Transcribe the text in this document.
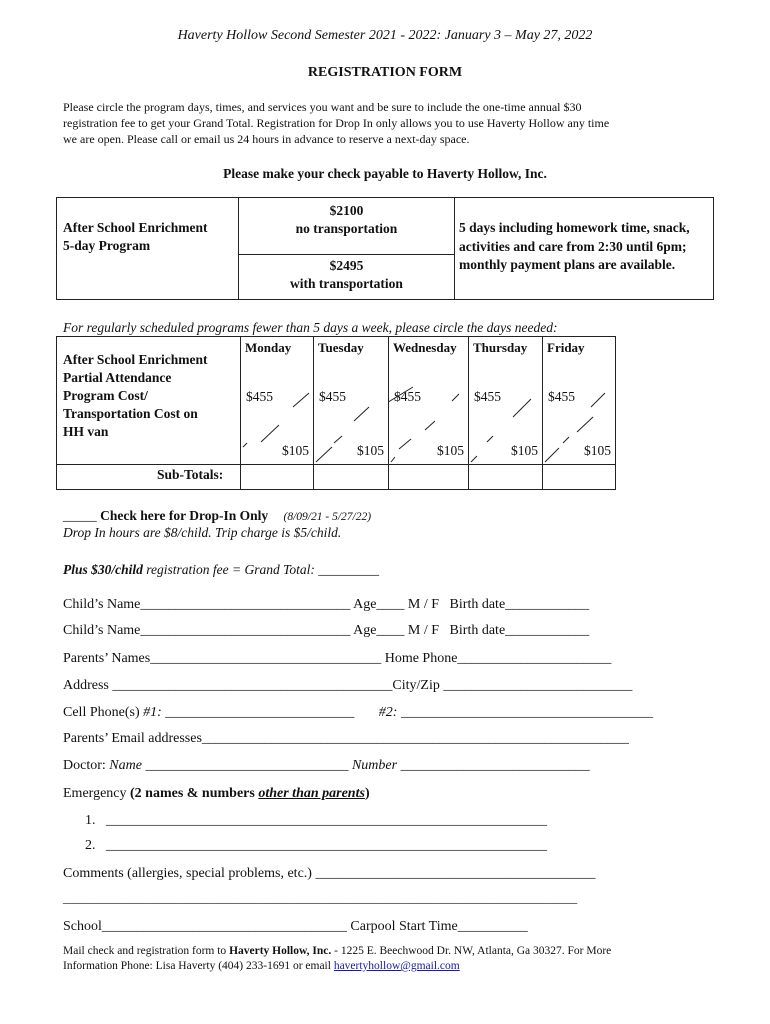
Haverty Hollow Second Semester 2021 - 2022: January 3 – May 27, 2022
REGISTRATION FORM
Please circle the program days, times, and services you want and be sure to include the one-time annual $30
registration fee to get your Grand Total. Registration for Drop In only allows you to use Haverty Hollow any time
we are open. Please call or email us 24 hours in advance to reserve a next-day space.
Please make your check payable to Haverty Hollow, Inc.
After School Enrichment
5-day Program
$2100
no transportation
$2495
with transportation
5 days including homework time, snack,
activities and care from 2:30 until 6pm;
monthly payment plans are available.
For regularly scheduled programs fewer than 5 days a week, please circle the days needed:
After School Enrichment
Partial Attendance
Program Cost/
Transportation Cost on
HH van
Sub-Totals:
Monday
$455
$105
Tuesday
$455
$105
Wednesday
$455
$105
Thursday
$455
$105
Friday
$455
$105
_____ Check here for Drop-In Only (8/09/21 - 5/27/22)
Drop In hours are $8/child. Trip charge is $5/child.
Plus $30/child registration fee = Grand Total: _________
Child’s Name______________________________ Age____ M / F   Birth date____________
Child’s Name______________________________ Age____ M / F   Birth date____________
Parents’ Names_________________________________ Home Phone______________________
Address ________________________________________City/Zip ___________________________
Cell Phone(s) #1: ___________________________       #2: ____________________________________
Parents’ Email addresses_____________________________________________________________
Doctor: Name _____________________________ Number ___________________________
Emergency (2 names & numbers other than parents)
1. _______________________________________________________________
2. _______________________________________________________________
Comments (allergies, special problems, etc.) ________________________________________
___________________________________________________________________________________
School___________________________________ Carpool Start Time__________
Mail check and registration form to Haverty Hollow, Inc. - 1225 E. Beechwood Dr. NW, Atlanta, Ga 30327. For More
Information Phone: Lisa Haverty (404) 233-1691 or email havertyhollow@gmail.com
